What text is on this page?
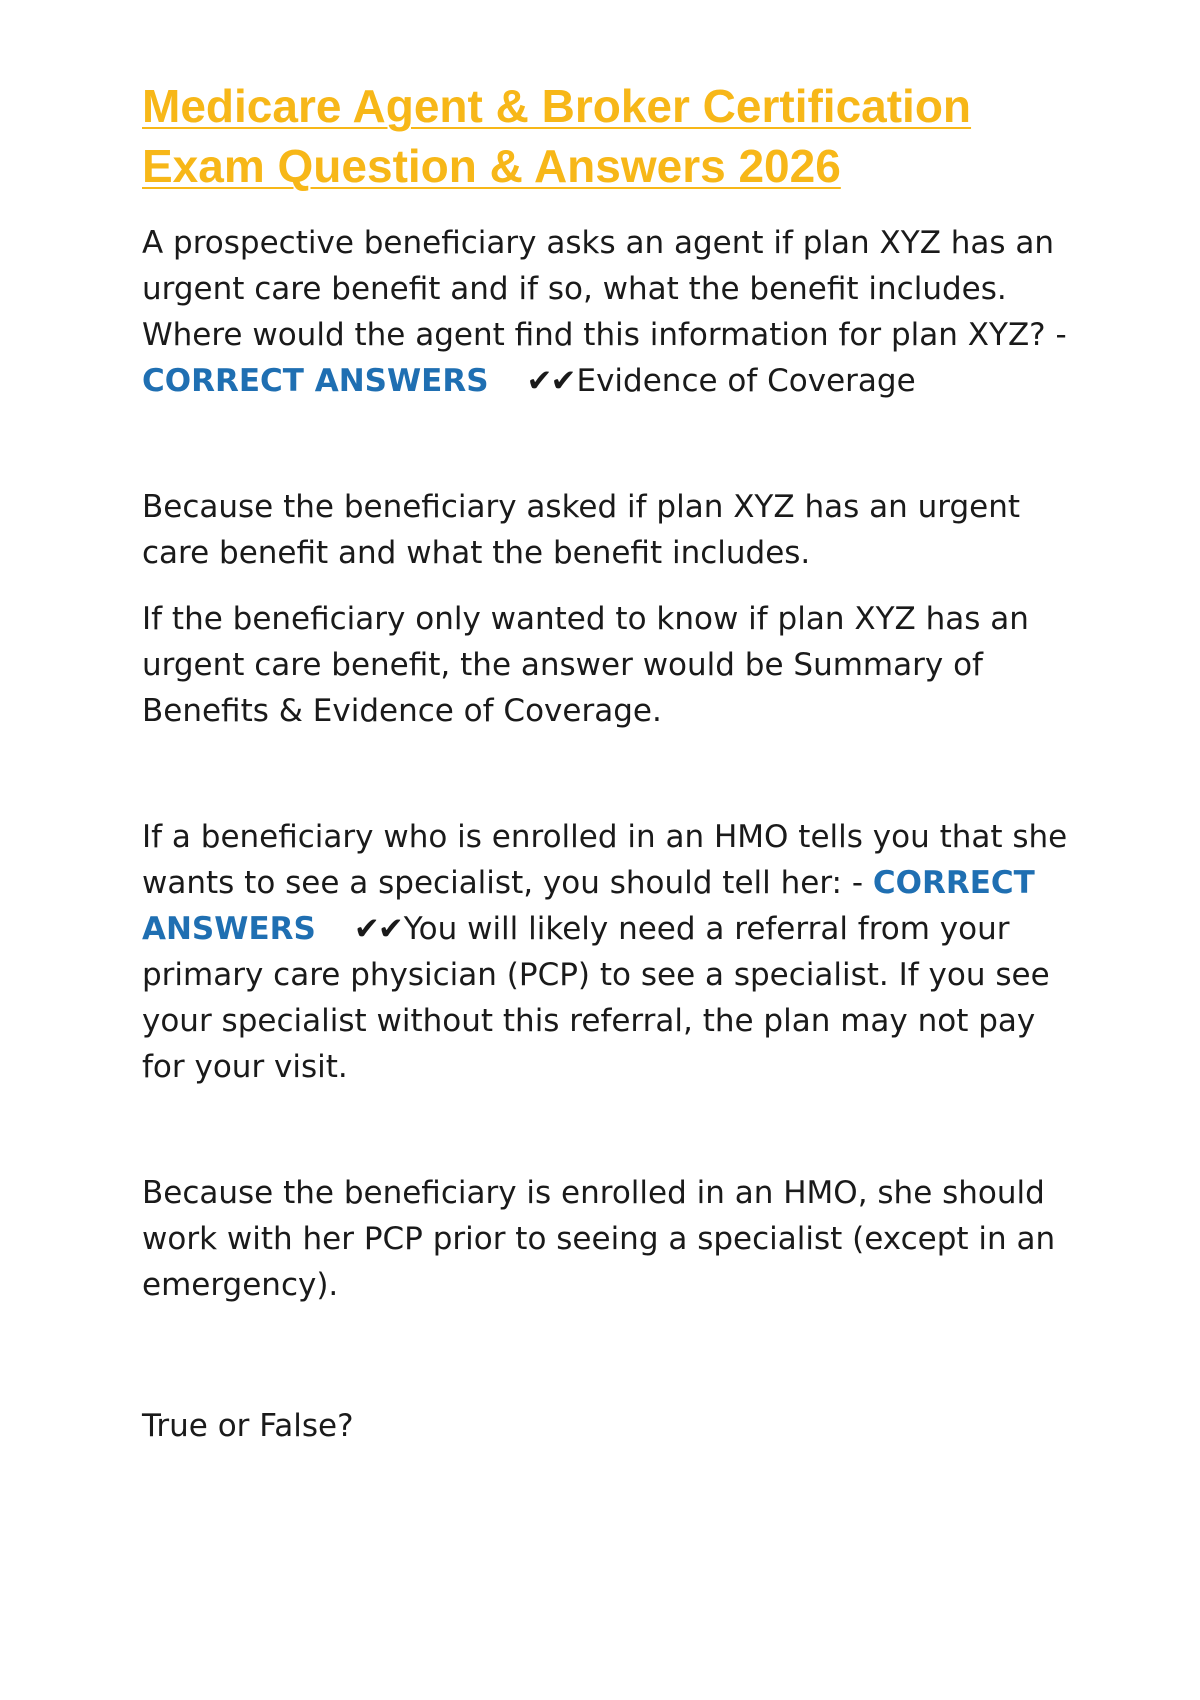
Medicare Agent & Broker Certification Exam Question & Answers 2026

A prospective beneficiary asks an agent if plan XYZ has an urgent care benefit and if so, what the benefit includes. Where would the agent find this information for plan XYZ? - CORRECT ANSWERS ✔✔Evidence of Coverage

Because the beneficiary asked if plan XYZ has an urgent care benefit and what the benefit includes.

If the beneficiary only wanted to know if plan XYZ has an urgent care benefit, the answer would be Summary of Benefits & Evidence of Coverage.

If a beneficiary who is enrolled in an HMO tells you that she wants to see a specialist, you should tell her: - CORRECT ANSWERS ✔✔You will likely need a referral from your primary care physician (PCP) to see a specialist. If you see your specialist without this referral, the plan may not pay for your visit.

Because the beneficiary is enrolled in an HMO, she should work with her PCP prior to seeing a specialist (except in an emergency).

True or False?
